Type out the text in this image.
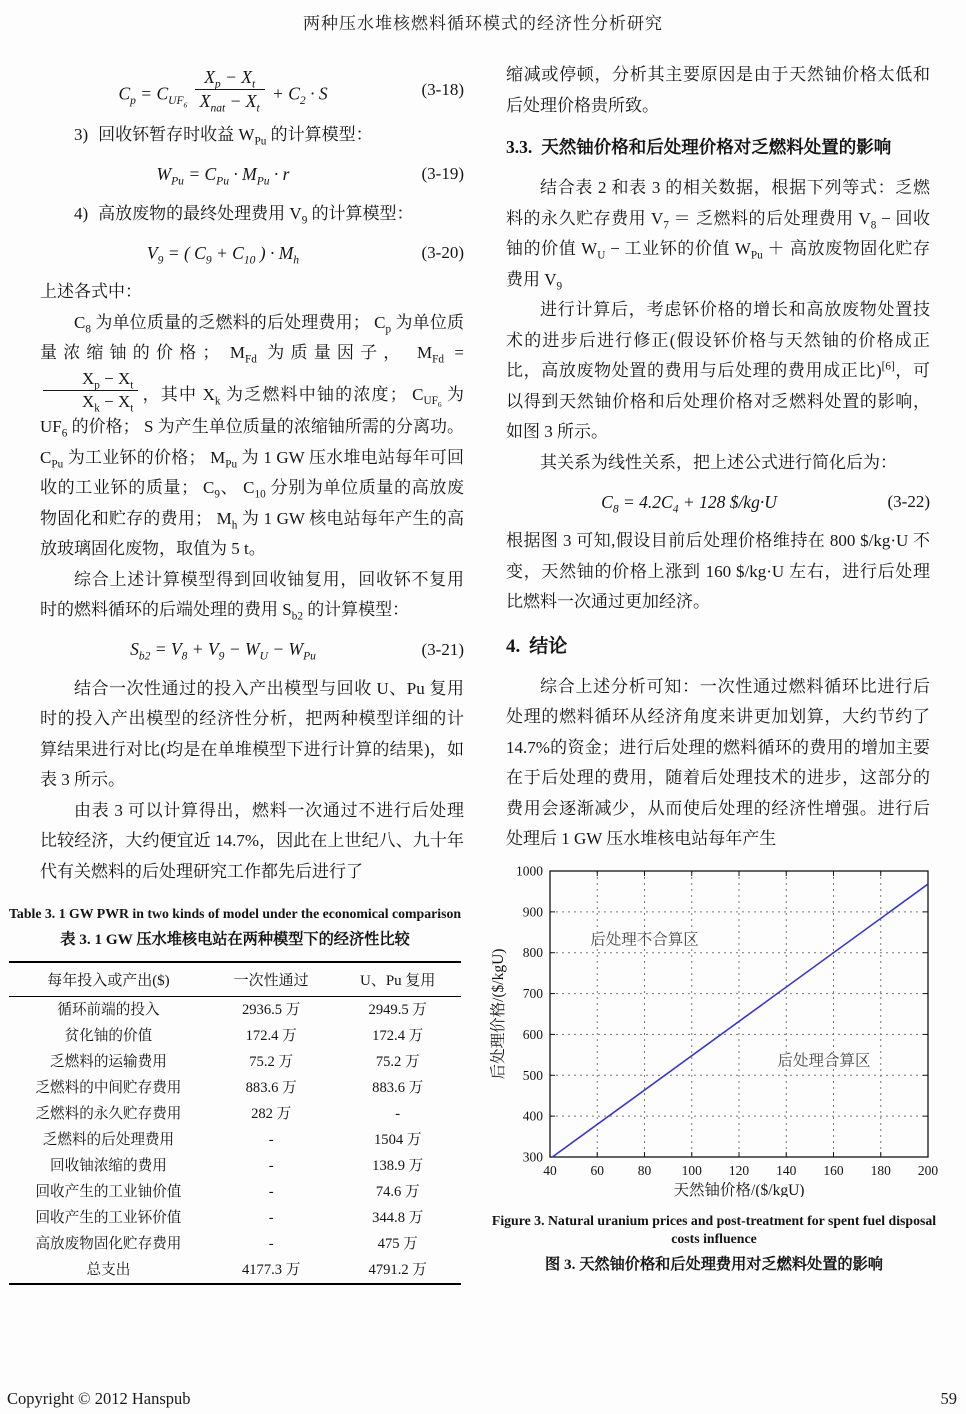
两种压水堆核燃料循环模式的经济性分析研究
$C_p = C_{UF_6} \frac{X_p - X_t}{X_{nat} - X_t} + C_2 \cdot S$	(3-18)
3) 回收钚暂存时收益 $W_{Pu}$ 的计算模型：
$W_{Pu} = C_{Pu} \cdot M_{Pu} \cdot r$	(3-19)
4) 高放废物的最终处理费用 $V_9$ 的计算模型：
$V_9$ = ( $C_9 + C_{10}$ ) · $M_h$	(3-20)

上述各式中：

$C_8$ 为单位质量的乏燃料的后处理费用； $C_p$ 为单位质量浓缩铀的价格； $M_{Fd}$ 为质量因子， $M_{Fd}$ =
$\frac{X_p - X_t}{X_k - X_t}$ ，其中 $X_k$ 为乏燃料中铀的浓度； $C_{UF_6}$ 为 $UF_6$ 的价格； S 为产生单位质量的浓缩铀所需的分离功。 $C_{Pu}$ 为工业钚的价格； $M_{Pu}$ 为 1 GW 压水堆电站每年可回收的工业钚的质量； $C_9$、 $C_{10}$ 分别为单位质量的高放废物固化和贮存的费用； $M_h$ 为 1 GW 核电站每年产生的高放玻璃固化废物，取值为 5 t。

综合上述计算模型得到回收铀复用，回收钚不复用时的燃料循环的后端处理的费用 $S_{b2}$ 的计算模型：

$S_{b2} = V_8 + V_9 - W_U - W_{Pu}$	(3-21)

结合一次性通过的投入产出模型与回收 U、Pu 复用时的投入产出模型的经济性分析，把两种模型详细的计算结果进行对比(均是在单堆模型下进行计算的结果)，如表 3 所示。

由表 3 可以计算得出，燃料一次通过不进行后处理比较经济，大约便宜近 14.7%，因此在上世纪八、九十年代有关燃料的后处理研究工作都先后进行了

Table 3. 1 GW PWR in two kinds of model under the economical comparison
表 3. 1 GW 压水堆核电站在两种模型下的经济性比较
每年投入或产出($)	一次性通过	U、Pu 复用
循环前端的投入	2936.5 万	2949.5 万
贫化铀的价值	172.4 万	172.4 万
乏燃料的运输费用	75.2 万	75.2 万
乏燃料的中间贮存费用	883.6 万	883.6 万
乏燃料的永久贮存费用	282 万	-
乏燃料的后处理费用	-	1504 万
回收铀浓缩的费用	-	138.9 万
回收产生的工业铀价值	-	74.6 万
回收产生的工业钚价值	-	344.8 万
高放废物固化贮存费用	-	475 万
总支出	4177.3 万	4791.2 万

缩减或停顿，分析其主要原因是由于天然铀价格太低和后处理价格贵所致。

3.3. 天然铀价格和后处理价格对乏燃料处置的影响

结合表 2 和表 3 的相关数据，根据下列等式：乏燃料的永久贮存费用 $V_7$ ＝ 乏燃料的后处理费用 $V_8$ − 回收铀的价值 $W_U$ − 工业钚的价值 $W_{Pu}$ ＋ 高放废物固化贮存费用 $V_9$

进行计算后，考虑钚价格的增长和高放废物处置技术的进步后进行修正(假设钚价格与天然铀的价格成正比，高放废物处置的费用与后处理的费用成正比)[6]，可以得到天然铀价格和后处理价格对乏燃料处置的影响，如图 3 所示。

其关系为线性关系，把上述公式进行简化后为：

$C_8 = 4.2C_4 + 128$ $/kg·U	(3-22)

根据图 3 可知,假设目前后处理价格维持在 800 $/kg·U 不变，天然铀的价格上涨到 160 $/kg·U 左右，进行后处理比燃料一次通过更加经济。

4. 结论

综合上述分析可知：一次性通过燃料循环比进行后处理的燃料循环从经济角度来讲更加划算，大约节约了 14.7%的资金；进行后处理的燃料循环的费用的增加主要在于后处理的费用，随着后处理技术的进步，这部分的费用会逐渐减少，从而使后处理的经济性增强。进行后处理后 1 GW 压水堆核电站每年产生

40	60	80 100 120 140 160 180 200
300
400
500
600
700
800
900
1000
后处理不合算区
后处理合算区
天然铀价格/($/kgU)
后处理价格/($/kgU)
Figure 3. Natural uranium prices and post-treatment for spent fuel disposal costs influence
图 3. 天然铀价格和后处理费用对乏燃料处置的影响
Copyright © 2012 Hanspub	59
